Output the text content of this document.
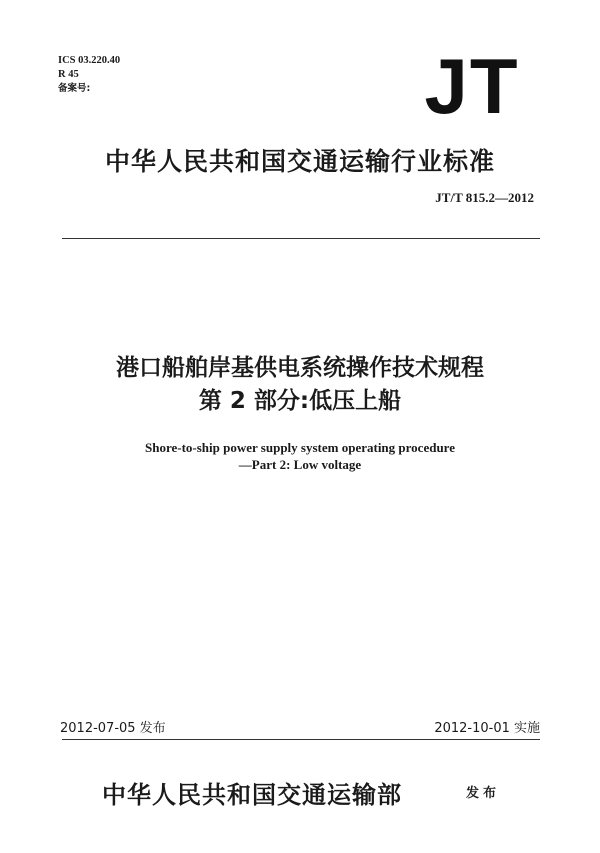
ICS 03.220.40
R 45
备案号:	JT
中华人民共和国交通运输行业标准
JT/T 815.2—2012
港口船舶岸基供电系统操作技术规程
第 2 部分:低压上船
Shore-to-ship power supply system operating procedure
—Part 2: Low voltage
2012-07-05 发布	2012-10-01 实施
中华人民共和国交通运输部	发布
